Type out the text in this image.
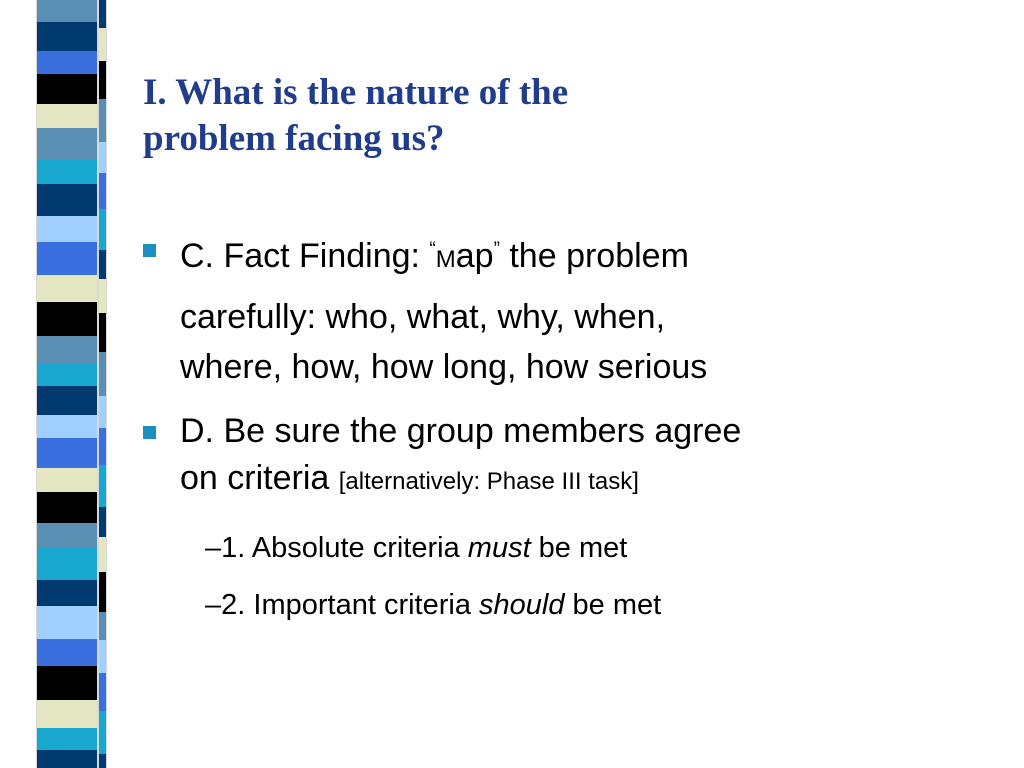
I. What is the nature of the
problem facing us?
C. Fact Finding: “Map” the problem
carefully: who, what, why, when,
where, how, how long, how serious
D. Be sure the group members agree
on criteria [alternatively: Phase III task]
–1. Absolute criteria must be met
–2. Important criteria should be met
